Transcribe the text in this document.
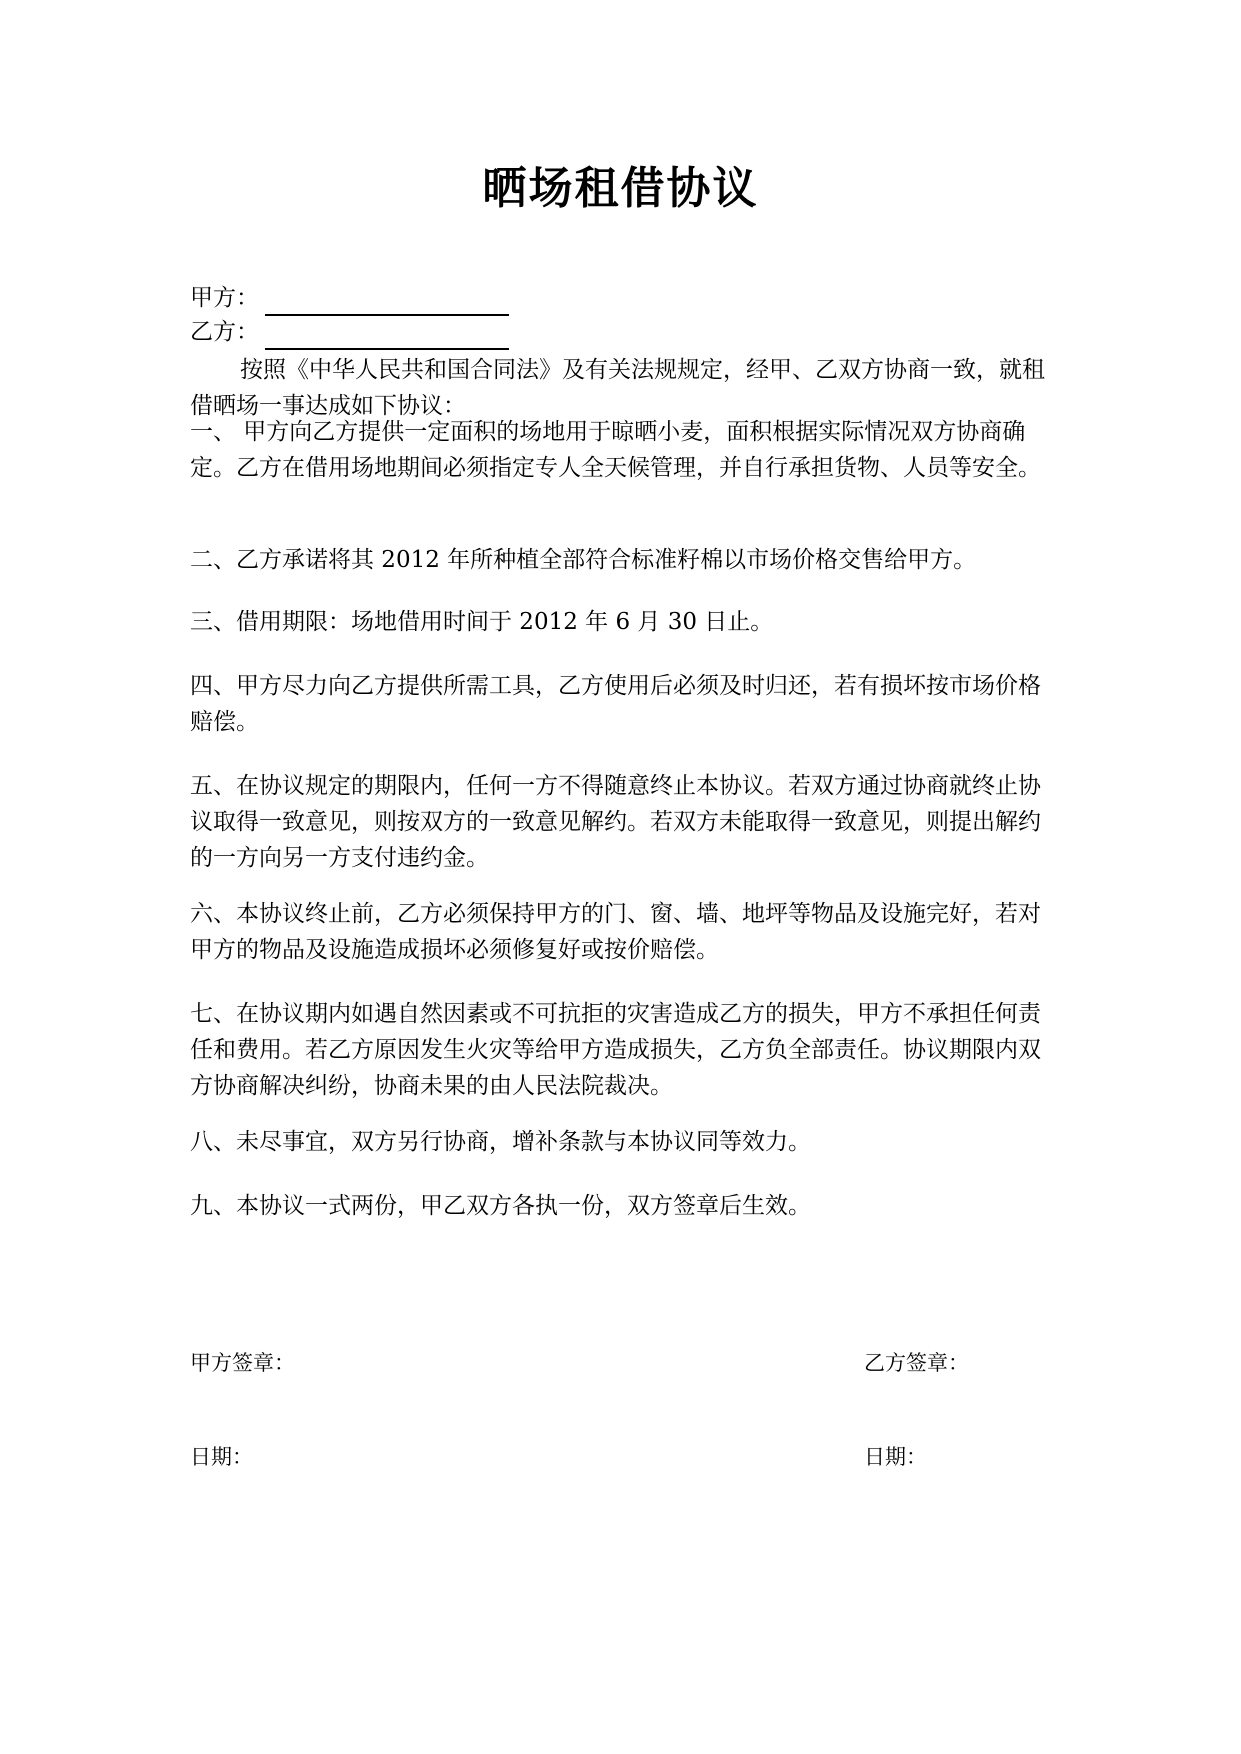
晒场租借协议
甲方：
乙方：
按照《中华人民共和国合同法》及有关法规规定，经甲、乙双方协商一致，就租借晒场一事达成如下协议：
一、 甲方向乙方提供一定面积的场地用于晾晒小麦，面积根据实际情况双方协商确定。乙方在借用场地期间必须指定专人全天候管理，并自行承担货物、人员等安全。
二、乙方承诺将其 2012 年所种植全部符合标准籽棉以市场价格交售给甲方。
三、借用期限：场地借用时间于 2012 年 6 月 30 日止。
四、甲方尽力向乙方提供所需工具，乙方使用后必须及时归还，若有损坏按市场价格赔偿。
五、在协议规定的期限内，任何一方不得随意终止本协议。若双方通过协商就终止协议取得一致意见，则按双方的一致意见解约。若双方未能取得一致意见，则提出解约的一方向另一方支付违约金。
六、本协议终止前，乙方必须保持甲方的门、窗、墙、地坪等物品及设施完好，若对甲方的物品及设施造成损坏必须修复好或按价赔偿。
七、在协议期内如遇自然因素或不可抗拒的灾害造成乙方的损失，甲方不承担任何责任和费用。若乙方原因发生火灾等给甲方造成损失，乙方负全部责任。协议期限内双方协商解决纠纷，协商未果的由人民法院裁决。
八、未尽事宜，双方另行协商，增补条款与本协议同等效力。
九、本协议一式两份，甲乙双方各执一份，双方签章后生效。
甲方签章：	乙方签章：
日期：	日期：
